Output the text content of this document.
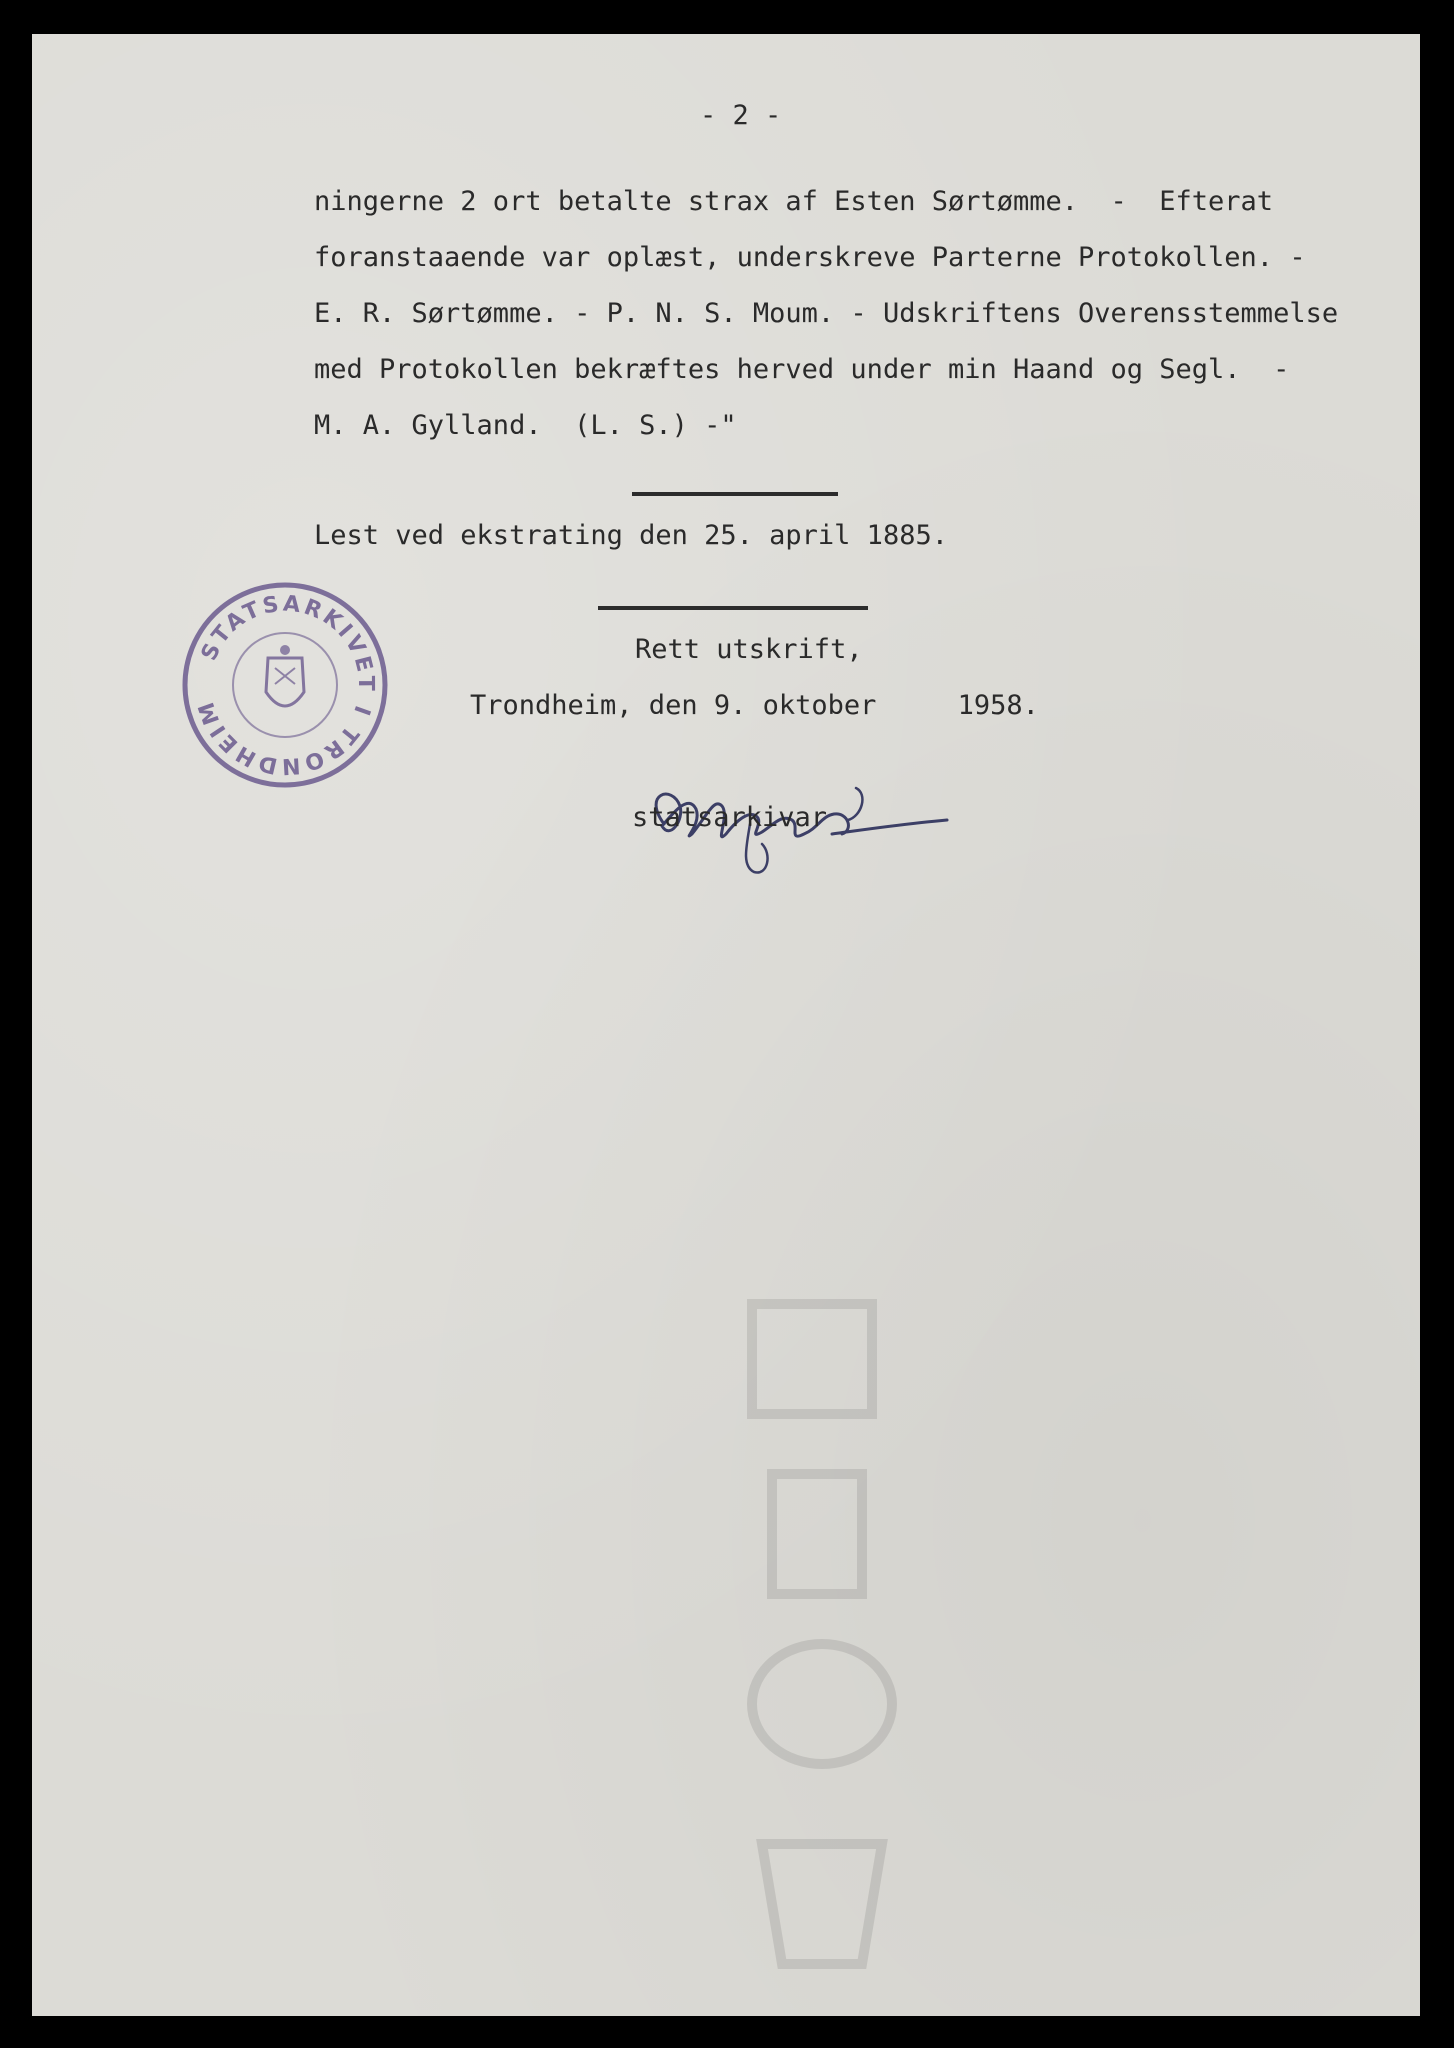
- 2 -
ningerne 2 ort betalte strax af Esten Sørtømme.  -  Efterat
foranstaaende var oplæst, underskreve Parterne Protokollen. -
E. R. Sørtømme. - P. N. S. Moum. - Udskriftens Overensstemmelse
med Protokollen bekræftes herved under min Haand og Segl.  -
M. A. Gylland.  (L. S.) -"
Lest ved ekstrating den 25. april 1885.
Rett utskrift,
Trondheim, den 9. oktober     1958.
STATSARKIVET I TRONDHEIM
statsarkivar
